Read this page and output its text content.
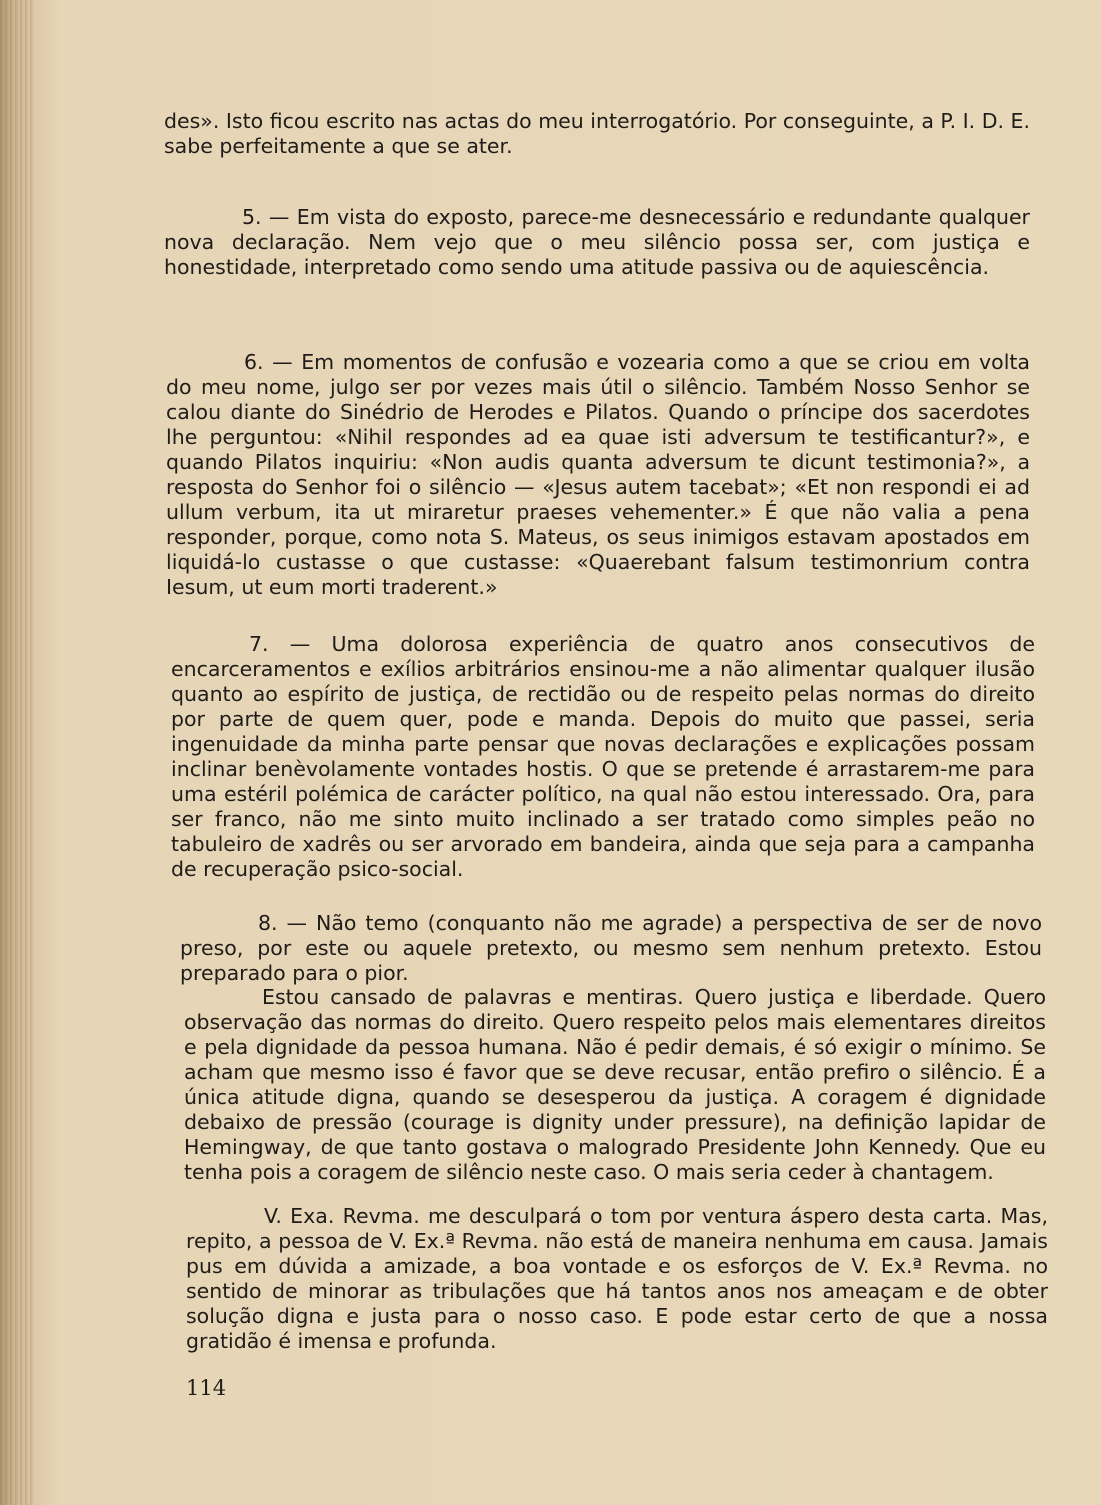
des». Isto ficou escrito nas actas do meu interrogatório. Por conseguinte, a P. I. D. E. sabe perfeitamente a que se ater.

5. — Em vista do exposto, parece-me desnecessário e redundante qualquer nova declaração. Nem vejo que o meu silêncio possa ser, com justiça e honestidade, interpretado como sendo uma atitude passiva ou de aquiescência.

6. — Em momentos de confusão e vozearia como a que se criou em volta do meu nome, julgo ser por vezes mais útil o silêncio. Também Nosso Senhor se calou diante do Sinédrio de Herodes e Pilatos. Quando o príncipe dos sacerdotes lhe perguntou: «Nihil respondes ad ea quae isti adversum te testificantur?», e quando Pilatos inquiriu: «Non audis quanta adversum te dicunt testimonia?», a resposta do Senhor foi o silêncio — «Jesus autem tacebat»; «Et non respondi ei ad ullum verbum, ita ut miraretur praeses vehementer.» É que não valia a pena responder, porque, como nota S. Mateus, os seus inimigos estavam apostados em liquidá-lo custasse o que custasse: «Quaerebant falsum testimonrium contra Iesum, ut eum morti traderent.»

7. — Uma dolorosa experiência de quatro anos consecutivos de encarceramentos e exílios arbitrários ensinou-me a não alimentar qualquer ilusão quanto ao espírito de justiça, de rectidão ou de respeito pelas normas do direito por parte de quem quer, pode e manda. Depois do muito que passei, seria ingenuidade da minha parte pensar que novas declarações e explicações possam inclinar benèvolamente vontades hostis. O que se pretende é arrastarem-me para uma estéril polémica de carácter político, na qual não estou interessado. Ora, para ser franco, não me sinto muito inclinado a ser tratado como simples peão no tabuleiro de xadrês ou ser arvorado em bandeira, ainda que seja para a campanha de recuperação psico-social.

8. — Não temo (conquanto não me agrade) a perspectiva de ser de novo preso, por este ou aquele pretexto, ou mesmo sem nenhum pretexto. Estou preparado para o pior.

Estou cansado de palavras e mentiras. Quero justiça e liberdade. Quero observação das normas do direito. Quero respeito pelos mais elementares direitos e pela dignidade da pessoa humana. Não é pedir demais, é só exigir o mínimo. Se acham que mesmo isso é favor que se deve recusar, então prefiro o silêncio. É a única atitude digna, quando se desesperou da justiça. A coragem é dignidade debaixo de pressão (courage is dignity under pressure), na definição lapidar de Hemingway, de que tanto gostava o malogrado Presidente John Kennedy. Que eu tenha pois a coragem de silêncio neste caso. O mais seria ceder à chantagem.

V. Exa. Revma. me desculpará o tom por ventura áspero desta carta. Mas, repito, a pessoa de V. Ex.ª Revma. não está de maneira nenhuma em causa. Jamais pus em dúvida a amizade, a boa vontade e os esforços de V. Ex.ª Revma. no sentido de minorar as tribulações que há tantos anos nos ameaçam e de obter solução digna e justa para o nosso caso. E pode estar certo de que a nossa gratidão é imensa e profunda.

114
